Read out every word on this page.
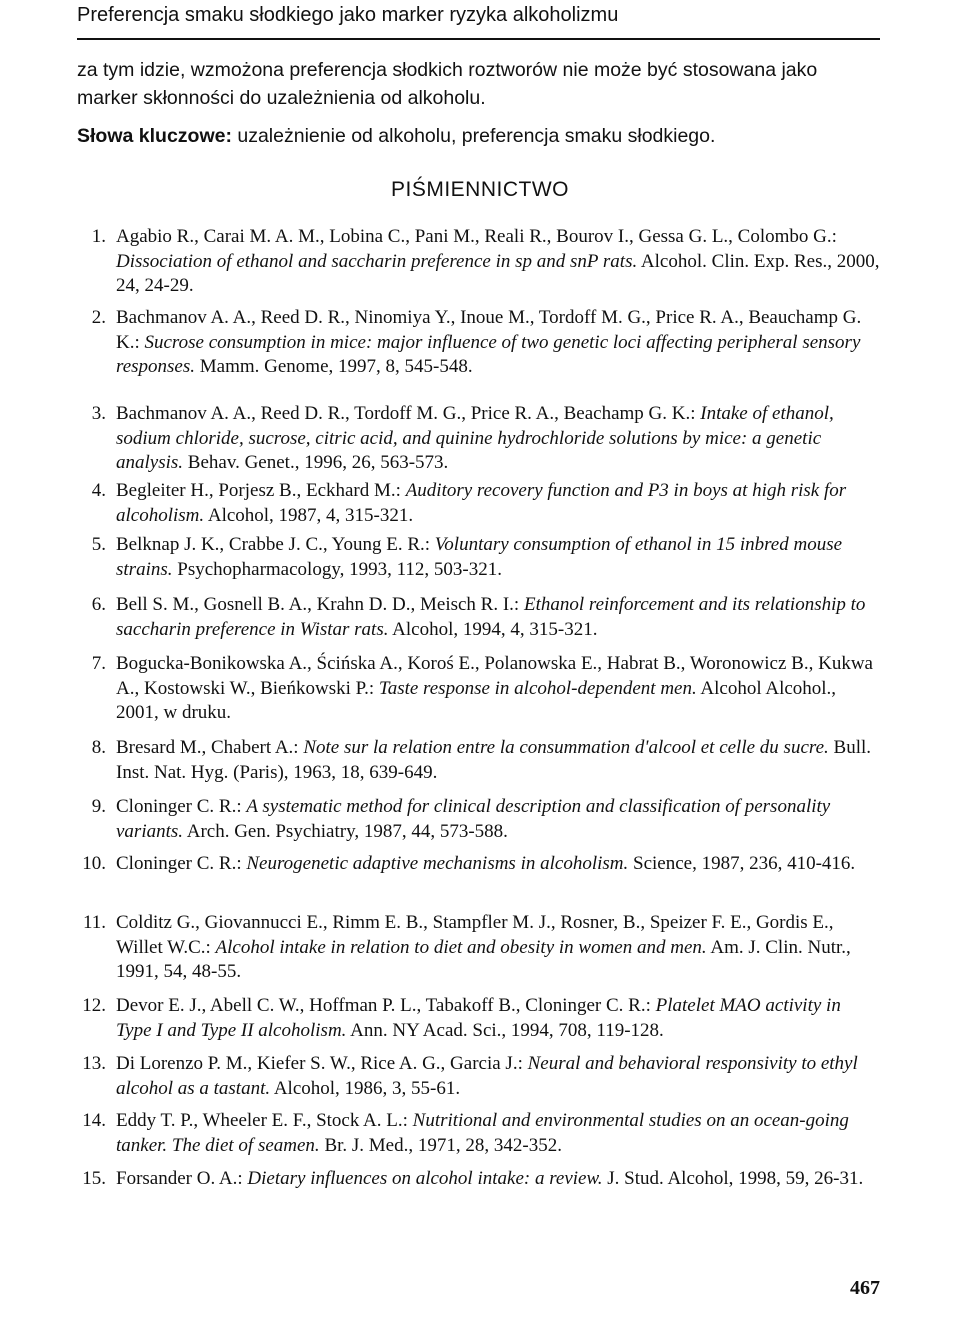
Preferencja smaku słodkiego jako marker ryzyka alkoholizmu
za tym idzie, wzmożona preferencja słodkich roztworów nie może być stosowana jako marker skłonności do uzależnienia od alkoholu.
Słowa kluczowe: uzależnienie od alkoholu, preferencja smaku słodkiego.
PIŚMIENNICTWO
1. Agabio R., Carai M. A. M., Lobina C., Pani M., Reali R., Bourov I., Gessa G. L., Colombo G.: Dissociation of ethanol and saccharin preference in sp and snP rats. Alcohol. Clin. Exp. Res., 2000, 24, 24-29.
2. Bachmanov A. A., Reed D. R., Ninomiya Y., Inoue M., Tordoff M. G., Price R. A., Beauchamp G. K.: Sucrose consumption in mice: major influence of two genetic loci affecting peripheral sensory responses. Mamm. Genome, 1997, 8, 545-548.
3. Bachmanov A. A., Reed D. R., Tordoff M. G., Price R. A., Beachamp G. K.: Intake of ethanol, sodium chloride, sucrose, citric acid, and quinine hydrochloride solutions by mice: a genetic analysis. Behav. Genet., 1996, 26, 563-573.
4. Begleiter H., Porjesz B., Eckhard M.: Auditory recovery function and P3 in boys at high risk for alcoholism. Alcohol, 1987, 4, 315-321.
5. Belknap J. K., Crabbe J. C., Young E. R.: Voluntary consumption of ethanol in 15 inbred mouse strains. Psychopharmacology, 1993, 112, 503-321.
6. Bell S. M., Gosnell B. A., Krahn D. D., Meisch R. I.: Ethanol reinforcement and its relationship to saccharin preference in Wistar rats. Alcohol, 1994, 4, 315-321.
7. Bogucka-Bonikowska A., Ścińska A., Koroś E., Polanowska E., Habrat B., Woronowicz B., Kukwa A., Kostowski W., Bieńkowski P.: Taste response in alcohol-dependent men. Alcohol Alcohol., 2001, w druku.
8. Bresard M., Chabert A.: Note sur la relation entre la consummation d'alcool et celle du sucre. Bull. Inst. Nat. Hyg. (Paris), 1963, 18, 639-649.
9. Cloninger C. R.: A systematic method for clinical description and classification of personality variants. Arch. Gen. Psychiatry, 1987, 44, 573-588.
10. Cloninger C. R.: Neurogenetic adaptive mechanisms in alcoholism. Science, 1987, 236, 410-416.
11. Colditz G., Giovannucci E., Rimm E. B., Stampfler M. J., Rosner, B., Speizer F. E., Gordis E., Willet W.C.: Alcohol intake in relation to diet and obesity in women and men. Am. J. Clin. Nutr., 1991, 54, 48-55.
12. Devor E. J., Abell C. W., Hoffman P. L., Tabakoff B., Cloninger C. R.: Platelet MAO activity in Type I and Type II alcoholism. Ann. NY Acad. Sci., 1994, 708, 119-128.
13. Di Lorenzo P. M., Kiefer S. W., Rice A. G., Garcia J.: Neural and behavioral responsivity to ethyl alcohol as a tastant. Alcohol, 1986, 3, 55-61.
14. Eddy T. P., Wheeler E. F., Stock A. L.: Nutritional and environmental studies on an ocean-going tanker. The diet of seamen. Br. J. Med., 1971, 28, 342-352.
15. Forsander O. A.: Dietary influences on alcohol intake: a review. J. Stud. Alcohol, 1998, 59, 26-31.
467
